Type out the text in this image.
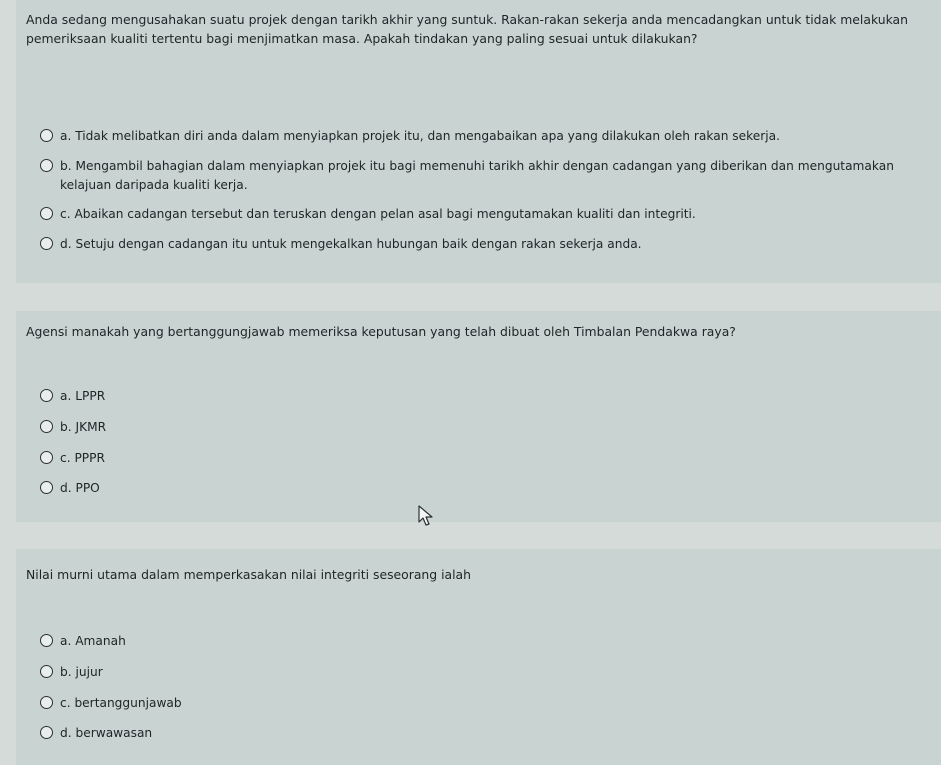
Anda sedang mengusahakan suatu projek dengan tarikh akhir yang suntuk. Rakan-rakan sekerja anda mencadangkan untuk tidak melakukan pemeriksaan kualiti tertentu bagi menjimatkan masa. Apakah tindakan yang paling sesuai untuk dilakukan?

a. Tidak melibatkan diri anda dalam menyiapkan projek itu, dan mengabaikan apa yang dilakukan oleh rakan sekerja.
b. Mengambil bahagian dalam menyiapkan projek itu bagi memenuhi tarikh akhir dengan cadangan yang diberikan dan mengutamakan kelajuan daripada kualiti kerja.
c. Abaikan cadangan tersebut dan teruskan dengan pelan asal bagi mengutamakan kualiti dan integriti.
d. Setuju dengan cadangan itu untuk mengekalkan hubungan baik dengan rakan sekerja anda.

Agensi manakah yang bertanggungjawab memeriksa keputusan yang telah dibuat oleh Timbalan Pendakwa raya?

a. LPPR
b. JKMR
c. PPPR
d. PPO

Nilai murni utama dalam memperkasakan nilai integriti seseorang ialah

a. Amanah
b. jujur
c. bertanggunjawab
d. berwawasan
